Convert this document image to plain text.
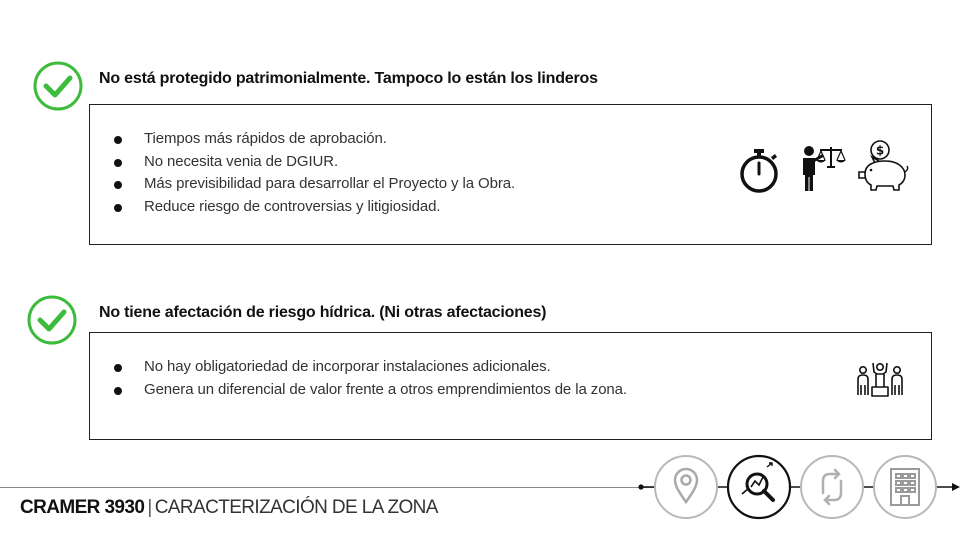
No está protegido patrimonialmente. Tampoco lo están los linderos
Tiempos más rápidos de aprobación.
No necesita venia de DGIUR.
Más previsibilidad para desarrollar el Proyecto y la Obra.
Reduce riesgo de controversias y litigiosidad.
$
No tiene afectación de riesgo hídrica. (Ni otras afectaciones)
No hay obligatoriedad de incorporar instalaciones adicionales.
Genera un diferencial de valor frente a otros emprendimientos de la zona.
CRAMER 3930 | CARACTERIZACIÓN DE LA ZONA
